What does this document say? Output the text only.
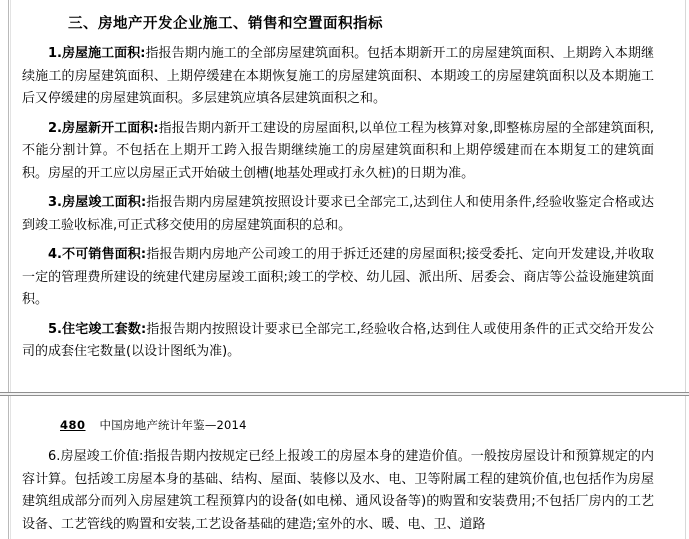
三、房地产开发企业施工、销售和空置面积指标

1.房屋施工面积:指报告期内施工的全部房屋建筑面积。包括本期新开工的房屋建筑面积、上期跨入本期继续施工的房屋建筑面积、上期停缓建在本期恢复施工的房屋建筑面积、本期竣工的房屋建筑面积以及本期施工后又停缓建的房屋建筑面积。多层建筑应填各层建筑面积之和。

2.房屋新开工面积:指报告期内新开工建设的房屋面积,以单位工程为核算对象,即整栋房屋的全部建筑面积,不能分割计算。不包括在上期开工跨入报告期继续施工的房屋建筑面积和上期停缓建而在本期复工的建筑面积。房屋的开工应以房屋正式开始破土创槽(地基处理或打永久桩)的日期为准。

3.房屋竣工面积:指报告期内房屋建筑按照设计要求已全部完工,达到住人和使用条件,经验收鉴定合格或达到竣工验收标准,可正式移交使用的房屋建筑面积的总和。

4.不可销售面积:指报告期内房地产公司竣工的用于拆迁还建的房屋面积;接受委托、定向开发建设,并收取一定的管理费所建设的统建代建房屋竣工面积;竣工的学校、幼儿园、派出所、居委会、商店等公益设施建筑面积。

5.住宅竣工套数:指报告期内按照设计要求已全部完工,经验收合格,达到住人或使用条件的正式交给开发公司的成套住宅数量(以设计图纸为准)。

480 中国房地产统计年鉴—2014

6.房屋竣工价值:指报告期内按规定已经上报竣工的房屋本身的建造价值。一般按房屋设计和预算规定的内容计算。包括竣工房屋本身的基础、结构、屋面、装修以及水、电、卫等附属工程的建筑价值,也包括作为房屋建筑组成部分而列入房屋建筑工程预算内的设备(如电梯、通风设备等)的购置和安装费用;不包括厂房内的工艺设备、工艺管线的购置和安装,工艺设备基础的建造;室外的水、暖、电、卫、道路
